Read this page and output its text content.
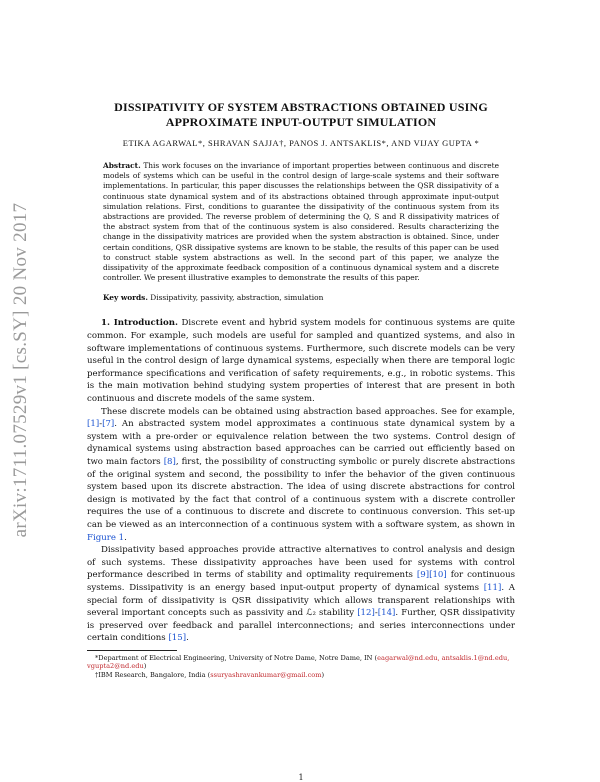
arXiv:1711.07529v1 [cs.SY] 20 Nov 2017
DISSIPATIVITY OF SYSTEM ABSTRACTIONS OBTAINED USING
APPROXIMATE INPUT-OUTPUT SIMULATION
ETIKA AGARWAL*, SHRAVAN SAJJA†, PANOS J. ANTSAKLIS*, AND VIJAY GUPTA *
Abstract. This work focuses on the invariance of important properties between continuous and discrete models of systems which can be useful in the control design of large-scale systems and their software implementations. In particular, this paper discusses the relationships between the QSR dissipativity of a continuous state dynamical system and of its abstractions obtained through approximate input-output simulation relations. First, conditions to guarantee the dissipativity of the continuous system from its abstractions are provided. The reverse problem of determining the Q, S and R dissipativity matrices of the abstract system from that of the continuous system is also considered. Results characterizing the change in the dissipativity matrices are provided when the system abstraction is obtained. Since, under certain conditions, QSR dissipative systems are known to be stable, the results of this paper can be used to construct stable system abstractions as well. In the second part of this paper, we analyze the dissipativity of the approximate feedback composition of a continuous dynamical system and a discrete controller. We present illustrative examples to demonstrate the results of this paper.
Key words. Dissipativity, passivity, abstraction, simulation

1. Introduction. Discrete event and hybrid system models for continuous systems are quite common. For example, such models are useful for sampled and quantized systems, and also in software implementations of continuous systems. Furthermore, such discrete models can be very useful in the control design of large dynamical systems, especially when there are temporal logic performance specifications and verification of safety requirements, e.g., in robotic systems. This is the main motivation behind studying system properties of interest that are present in both continuous and discrete models of the same system.

These discrete models can be obtained using abstraction based approaches. See for example, [1]-[7]. An abstracted system model approximates a continuous state dynamical system by a system with a pre-order or equivalence relation between the two systems. Control design of dynamical systems using abstraction based approaches can be carried out efficiently based on two main factors [8], first, the possibility of constructing symbolic or purely discrete abstractions of the original system and second, the possibility to infer the behavior of the given continuous system based upon its discrete abstraction. The idea of using discrete abstractions for control design is motivated by the fact that control of a continuous system with a discrete controller requires the use of a continuous to discrete and discrete to continuous conversion. This set-up can be viewed as an interconnection of a continuous system with a software system, as shown in Figure 1.

Dissipativity based approaches provide attractive alternatives to control analysis and design of such systems. These dissipativity approaches have been used for systems with control performance described in terms of stability and optimality requirements [9][10] for continuous systems. Dissipativity is an energy based input-output property of dynamical systems [11]. A special form of dissipativity is QSR dissipativity which allows transparent relationships with several important concepts such as passivity and ℒ₂ stability [12]-[14]. Further, QSR dissipativity is preserved over feedback and parallel interconnections; and series interconnections under certain conditions [15].

*Department of Electrical Engineering, University of Notre Dame, Notre Dame, IN (eagarwal@nd.edu, antsaklis.1@nd.edu, vgupta2@nd.edu)

†IBM Research, Bangalore, India (ssuryashravankumar@gmail.com)

1
